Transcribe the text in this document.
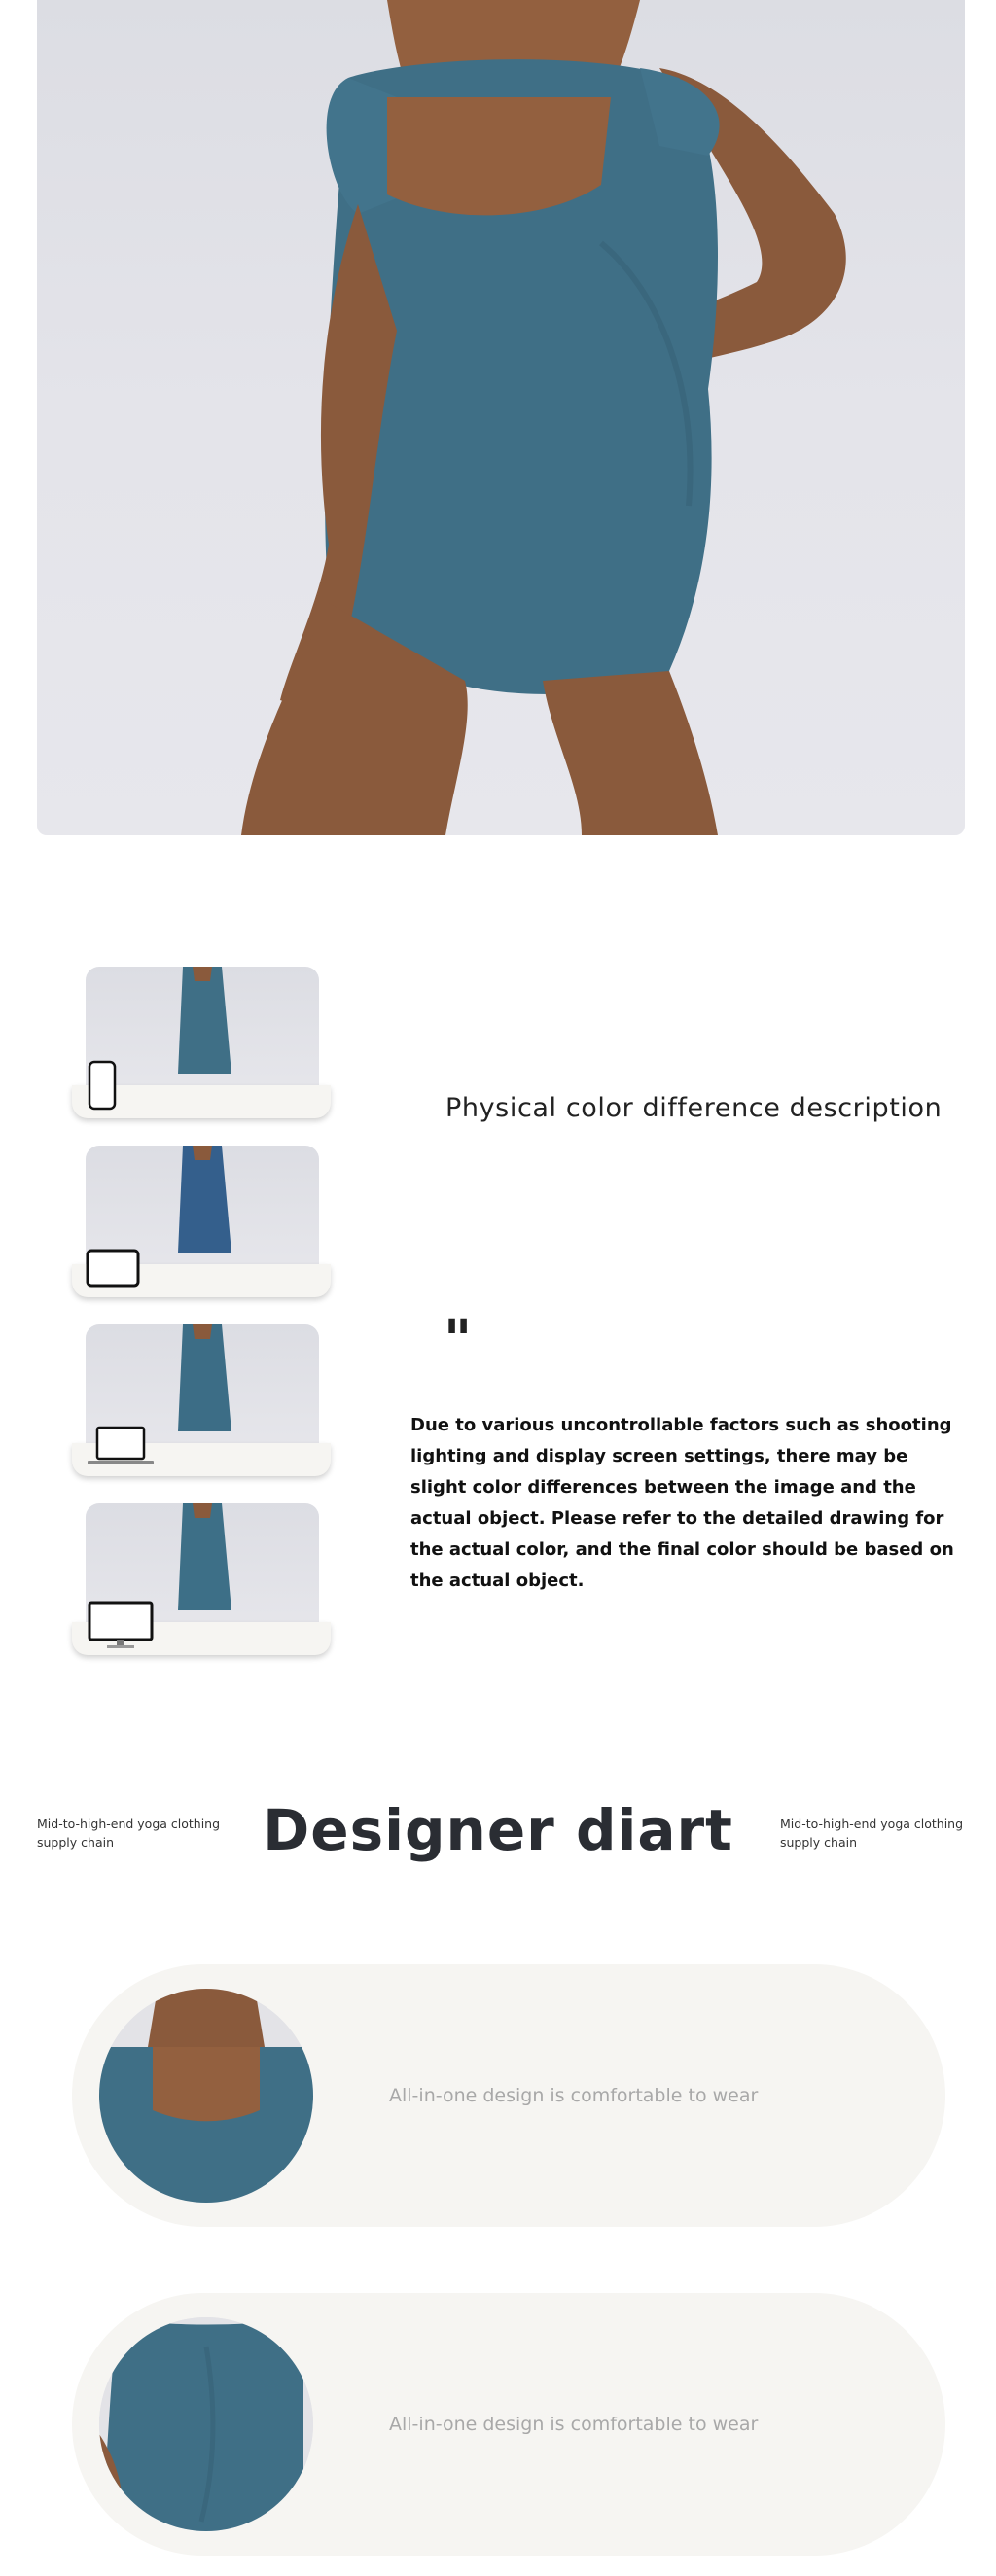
Physical color difference description
"
Due to various uncontrollable factors such as shooting lighting and display screen settings, there may be slight color differences between the image and the actual object. Please refer to the detailed drawing for the actual color, and the final color should be based on the actual object.
Mid-to-high-end yoga clothing supply chain	Designer diart	Mid-to-high-end yoga clothing supply chain
All-in-one design is comfortable to wear
All-in-one design is comfortable to wear
